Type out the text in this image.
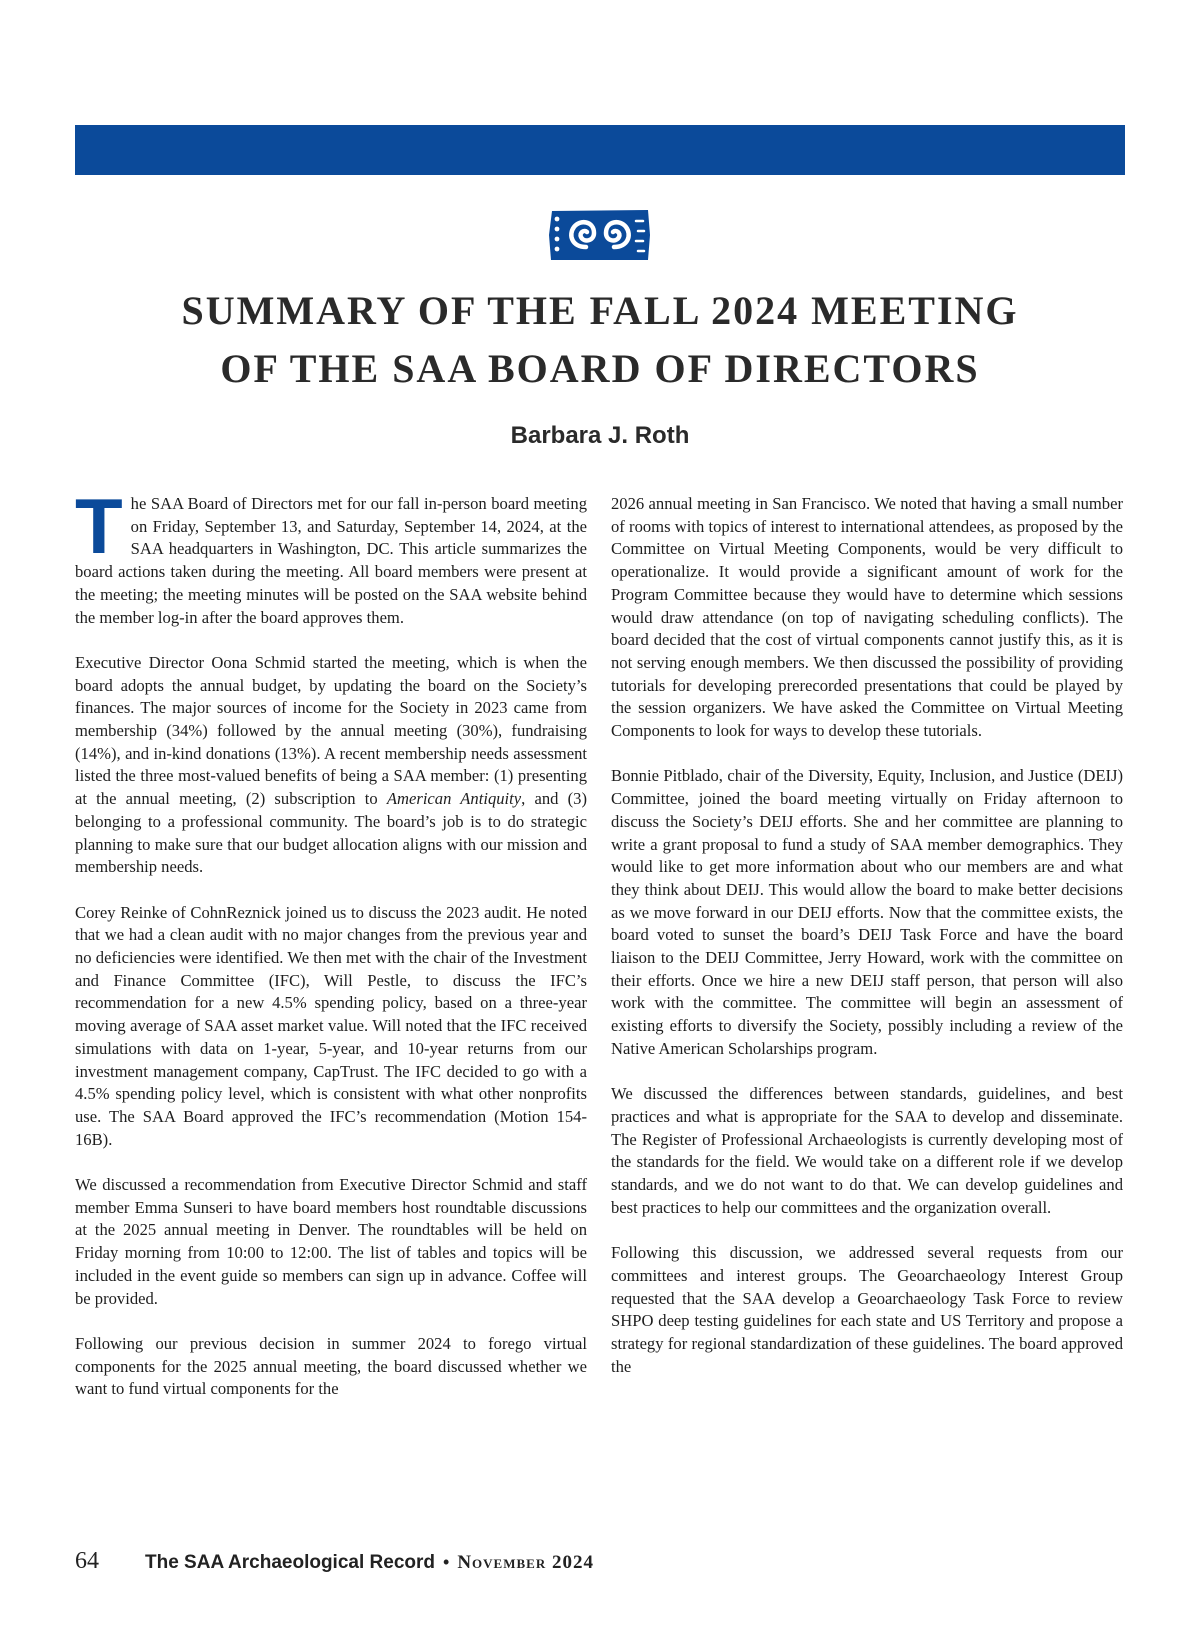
SUMMARY OF THE FALL 2024 MEETING
OF THE SAA BOARD OF DIRECTORS
Barbara J. Roth

The SAA Board of Directors met for our fall in-person board meeting on Friday, September 13, and Saturday, September 14, 2024, at the SAA headquarters in Washington, DC. This article summarizes the board actions taken during the meeting. All board members were present at the meeting; the meeting minutes will be posted on the SAA website behind the member log-in after the board approves them.

Executive Director Oona Schmid started the meeting, which is when the board adopts the annual budget, by updating the board on the Society’s finances. The major sources of income for the Society in 2023 came from membership (34%) followed by the annual meeting (30%), fundraising (14%), and in-kind donations (13%). A recent membership needs assessment listed the three most-valued benefits of being a SAA member: (1) presenting at the annual meeting, (2) subscription to American Antiquity, and (3) belonging to a professional community. The board’s job is to do strategic planning to make sure that our budget allocation aligns with our mission and membership needs.

Corey Reinke of CohnReznick joined us to discuss the 2023 audit. He noted that we had a clean audit with no major changes from the previous year and no deficiencies were identified. We then met with the chair of the Investment and Finance Committee (IFC), Will Pestle, to discuss the IFC’s recommendation for a new 4.5% spending policy, based on a three-year moving average of SAA asset market value. Will noted that the IFC received simulations with data on 1-year, 5-year, and 10-year returns from our investment management company, CapTrust. The IFC decided to go with a 4.5% spending policy level, which is consistent with what other nonprofits use. The SAA Board approved the IFC’s recommendation (Motion 154-16B).

We discussed a recommendation from Executive Director Schmid and staff member Emma Sunseri to have board members host roundtable discussions at the 2025 annual meeting in Denver. The roundtables will be held on Friday morning from 10:00 to 12:00. The list of tables and topics will be included in the event guide so members can sign up in advance. Coffee will be provided.

Following our previous decision in summer 2024 to forego virtual components for the 2025 annual meeting, the board discussed whether we want to fund virtual components for the

2026 annual meeting in San Francisco. We noted that having a small number of rooms with topics of interest to international attendees, as proposed by the Committee on Virtual Meeting Components, would be very difficult to operationalize. It would provide a significant amount of work for the Program Committee because they would have to determine which sessions would draw attendance (on top of navigating scheduling conflicts). The board decided that the cost of virtual components cannot justify this, as it is not serving enough members. We then discussed the possibility of providing tutorials for developing prerecorded presentations that could be played by the session organizers. We have asked the Committee on Virtual Meeting Components to look for ways to develop these tutorials.

Bonnie Pitblado, chair of the Diversity, Equity, Inclusion, and Justice (DEIJ) Committee, joined the board meeting virtually on Friday afternoon to discuss the Society’s DEIJ efforts. She and her committee are planning to write a grant proposal to fund a study of SAA member demographics. They would like to get more information about who our members are and what they think about DEIJ. This would allow the board to make better decisions as we move forward in our DEIJ efforts. Now that the committee exists, the board voted to sunset the board’s DEIJ Task Force and have the board liaison to the DEIJ Committee, Jerry Howard, work with the committee on their efforts. Once we hire a new DEIJ staff person, that person will also work with the committee. The committee will begin an assessment of existing efforts to diversify the Society, possibly including a review of the Native American Scholarships program.

We discussed the differences between standards, guidelines, and best practices and what is appropriate for the SAA to develop and disseminate. The Register of Professional Archaeologists is currently developing most of the standards for the field. We would take on a different role if we develop standards, and we do not want to do that. We can develop guidelines and best practices to help our committees and the organization overall.

Following this discussion, we addressed several requests from our committees and interest groups. The Geoarchaeology Interest Group requested that the SAA develop a Geoarchaeology Task Force to review SHPO deep testing guidelines for each state and US Territory and propose a strategy for regional standardization of these guidelines. The board approved the

64 The SAA Archaeological Record • November 2024
